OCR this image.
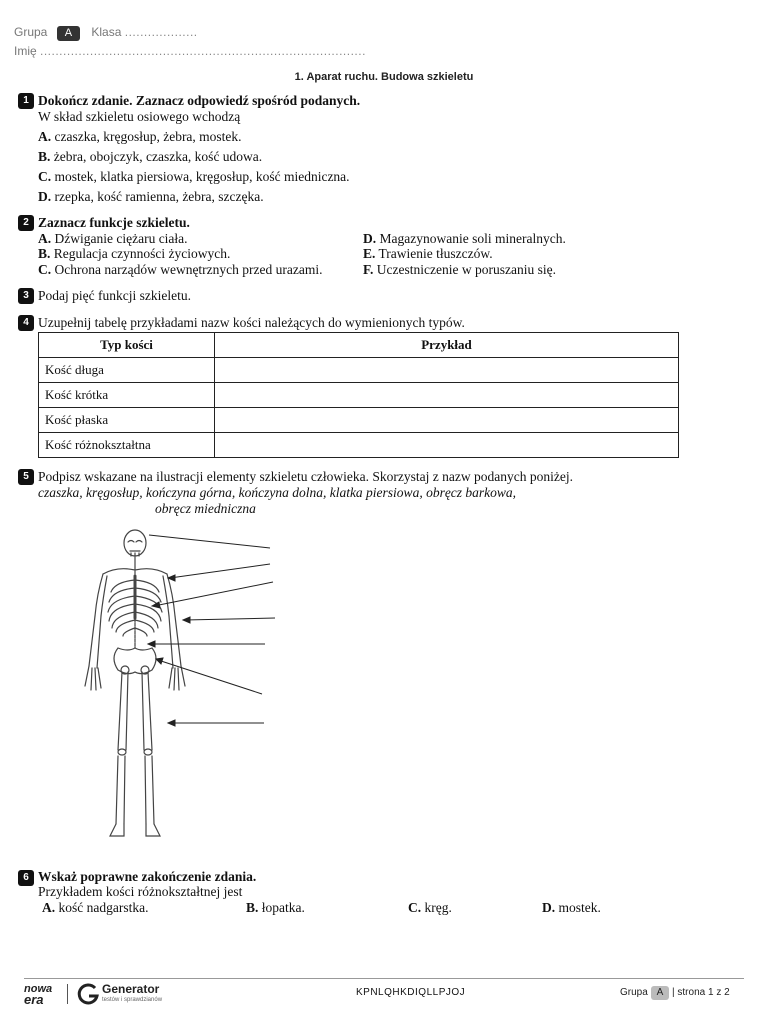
Grupa A Klasa ...................
Imię .....................................................................................
1. Aparat ruchu. Budowa szkieletu
1 Dokończ zdanie. Zaznacz odpowiedź spośród podanych.
W skład szkieletu osiowego wchodzą
A. czaszka, kręgosłup, żebra, mostek.
B. żebra, obojczyk, czaszka, kość udowa.
C. mostek, klatka piersiowa, kręgosłup, kość miedniczna.
D. rzepka, kość ramienna, żebra, szczęka.
2 Zaznacz funkcje szkieletu.
A. Dźwiganie ciężaru ciała.
B. Regulacja czynności życiowych.
C. Ochrona narządów wewnętrznych przed urazami.
D. Magazynowanie soli mineralnych.
E. Trawienie tłuszczów.
F. Uczestniczenie w poruszaniu się.
3 Podaj pięć funkcji szkieletu.
4 Uzupełnij tabelę przykładami nazw kości należących do wymienionych typów.
Typ kości	Przykład
Kość długa	
Kość krótka	
Kość płaska	
Kość różnokształtna	
5 Podpisz wskazane na ilustracji elementy szkieletu człowieka. Skorzystaj z nazw podanych poniżej.
czaszka, kręgosłup, kończyna górna, kończyna dolna, klatka piersiowa, obręcz barkowa,
obręcz miedniczna
6 Wskaż poprawne zakończenie zdania.
Przykładem kości różnokształtnej jest
A. kość nadgarstka.	B. łopatka.	C. kręg.	D. mostek.
nowa
era
Generator
testów i sprawdzianów
KPNLQHKDIQLLPJOJ	Grupa A | strona 1 z 2
